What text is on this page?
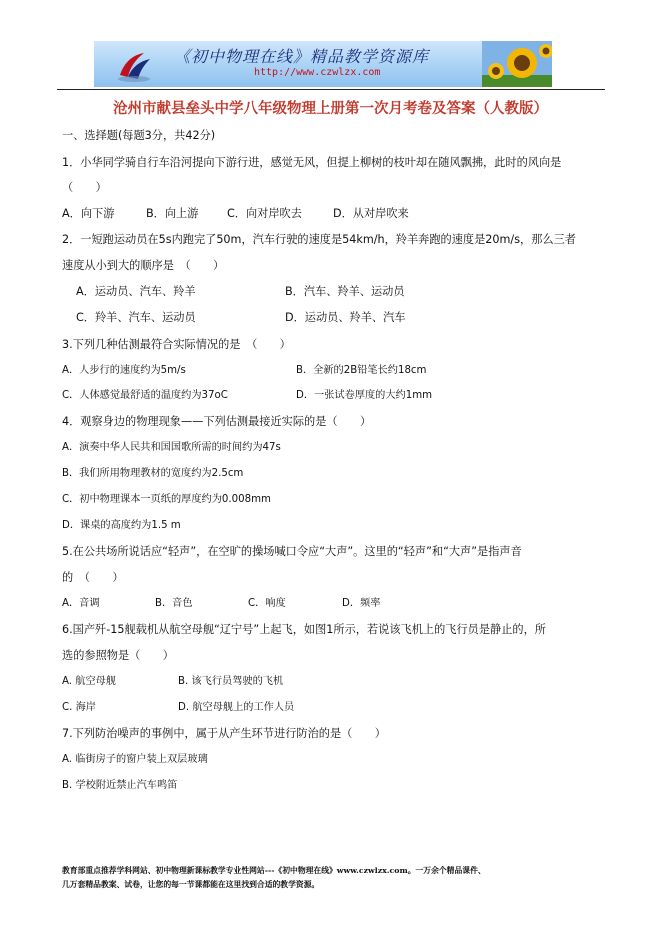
《初中物理在线》精品教学资源库
http://www.czwlzx.com
沧州市献县垒头中学八年级物理上册第一次月考卷及答案（人教版）
一、选择题(每题3分，共42分)
1．小华同学骑自行车沿河提向下游行进，感觉无风，但提上柳树的枝叶却在随风飘拂，此时的风向是
（　　）
A．向下游	B．向上游	C．向对岸吹去	D．从对岸吹来
2．一短跑运动员在5s内跑完了50m，汽车行驶的速度是54km/h，羚羊奔跑的速度是20m/s，那么三者
速度从小到大的顺序是　（　　）
A．运动员、汽车、羚羊	B．汽车、羚羊、运动员
C．羚羊、汽车、运动员	D．运动员、羚羊、汽车
3.下列几种估测最符合实际情况的是　（　　）
A．人步行的速度约为5m/s	B．全新的2B铅笔长约18cm
C．人体感觉最舒适的温度约为37oC	D．一张试卷厚度的大约1mm
4．观察身边的物理现象——下列估测最接近实际的是（　　）
A．演奏中华人民共和国国歌所需的时间约为47s
B．我们所用物理教材的宽度约为2.5cm
C．初中物理课本一页纸的厚度约为0.008mm
D．课桌的高度约为1.5 m
5.在公共场所说话应“轻声”，在空旷的操场喊口令应“大声”。这里的“轻声”和“大声”是指声音
的　（　　）
A．音调	B．音色	C．响度	D．频率
6.国产歼-15舰载机从航空母舰“辽宁号”上起飞，如图1所示，若说该飞机上的飞行员是静止的，所
选的参照物是（　　）
A. 航空母舰	B. 该飞行员驾驶的飞机
C. 海岸	D. 航空母舰上的工作人员
7.下列防治噪声的事例中，属于从产生环节进行防治的是（　　）
A. 临街房子的窗户装上双层玻璃
B. 学校附近禁止汽车鸣笛
教育部重点推荐学科网站、初中物理新课标教学专业性网站---《初中物理在线》www.czwlzx.com。一万余个精品课件、
几万套精品教案、试卷，让您的每一节课都能在这里找到合适的教学资源。
